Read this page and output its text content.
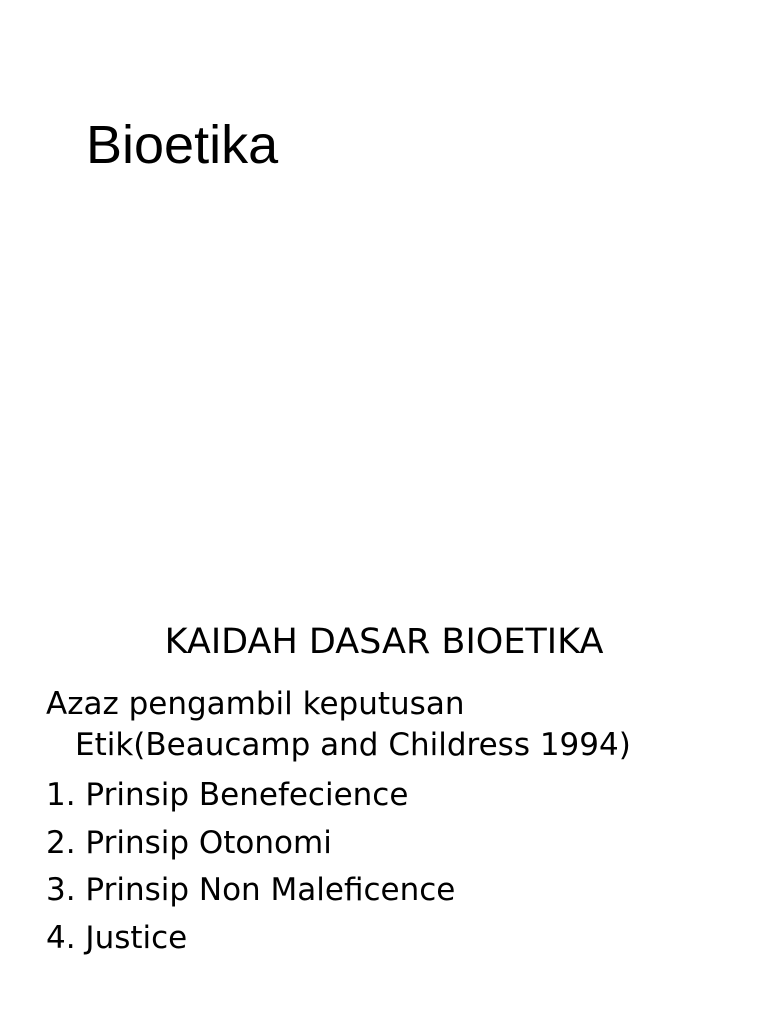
Bioetika
KAIDAH DASAR BIOETIKA

Azaz pengambil keputusan
Etik(Beaucamp and Childress 1994)

1. Prinsip Benefecience
2. Prinsip Otonomi
3. Prinsip Non Maleficence
4. Justice
